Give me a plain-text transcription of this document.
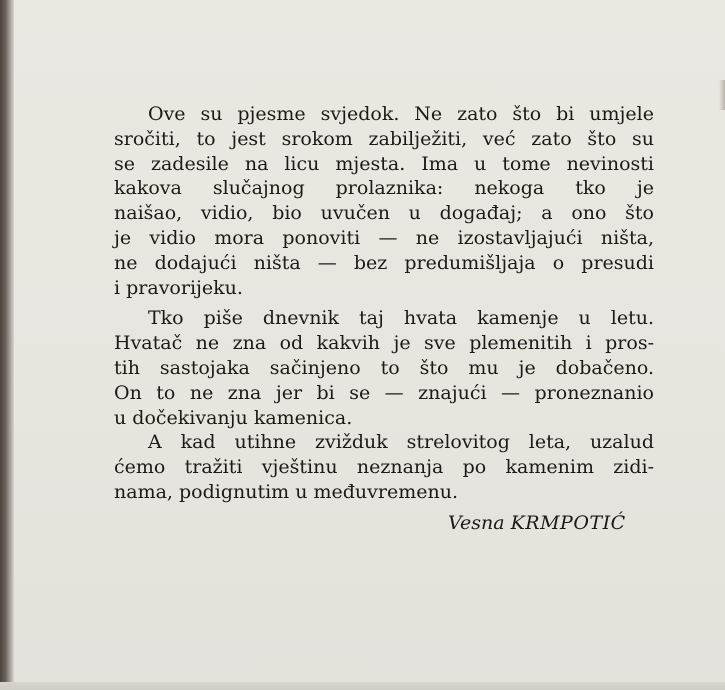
Ove su pjesme svjedok. Ne zato što bi umjele
sročiti, to jest srokom zabilježiti, već zato što su
se zadesile na licu mjesta. Ima u tome nevinosti
kakova slučajnog prolaznika: nekoga tko je
naišao, vidio, bio uvučen u događaj; a ono što
je vidio mora ponoviti — ne izostavljajući ništa,
ne dodajući ništa — bez predumišljaja o presudi
i pravorijeku.
Tko piše dnevnik taj hvata kamenje u letu.
Hvatač ne zna od kakvih je sve plemenitih i pros-
tih sastojaka sačinjeno to što mu je dobačeno.
On to ne zna jer bi se — znajući — proneznanio
u dočekivanju kamenica.
A kad utihne zvižduk strelovitog leta, uzalud
ćemo tražiti vještinu neznanja po kamenim zidi-
nama, podignutim u međuvremenu.
Vesna KRMPOTIĆ
